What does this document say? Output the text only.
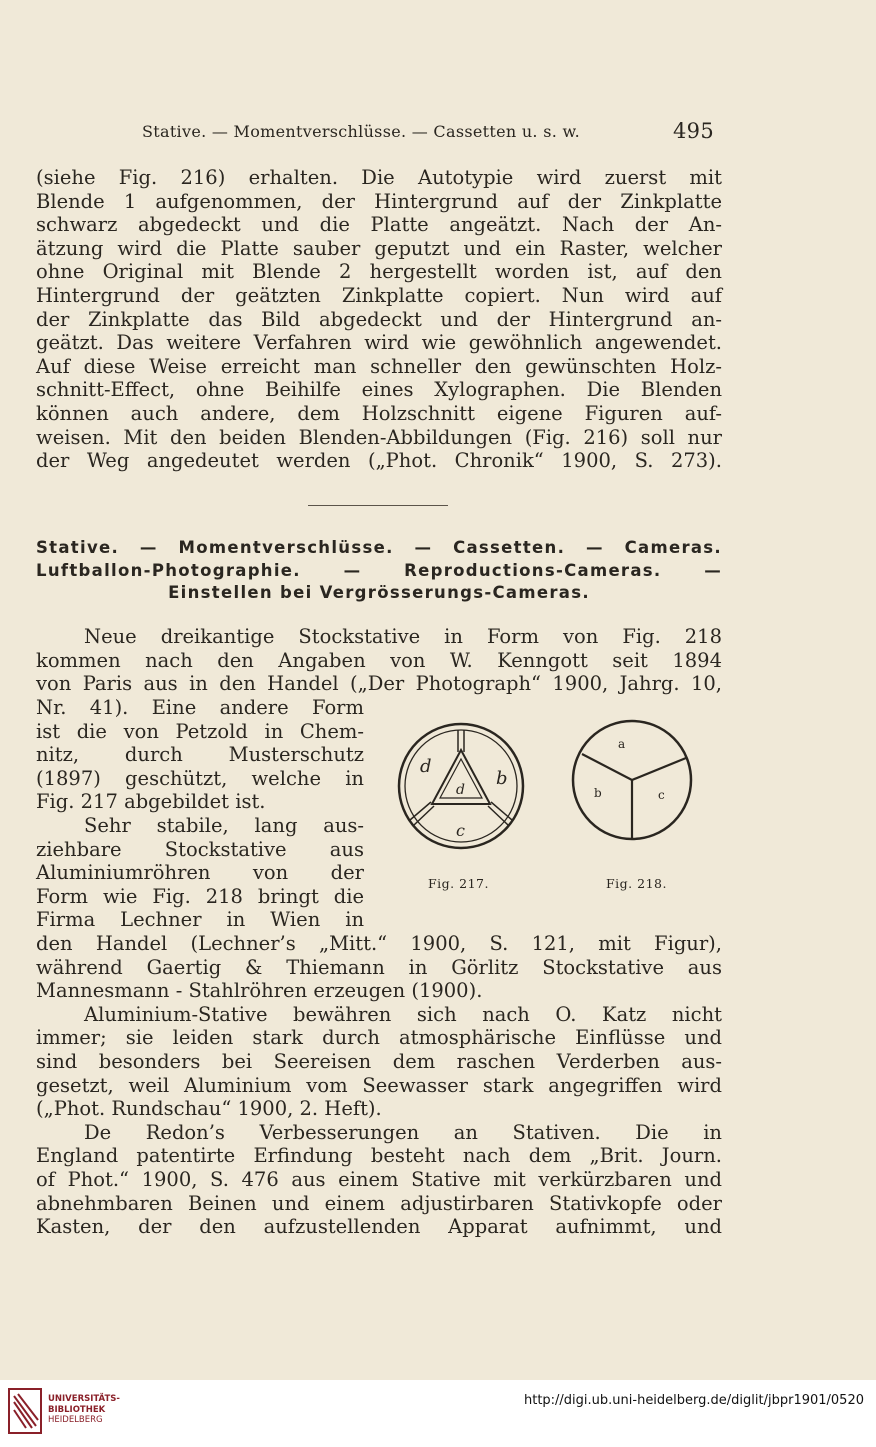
Stative. — Momentverschlüsse. — Cassetten u. s. w.	495
(siehe Fig. 216) erhalten. Die Autotypie wird zuerst mit
Blende 1 aufgenommen, der Hintergrund auf der Zinkplatte
schwarz abgedeckt und die Platte angeätzt. Nach der An-
ätzung wird die Platte sauber geputzt und ein Raster, welcher
ohne Original mit Blende 2 hergestellt worden ist, auf den
Hintergrund der geätzten Zinkplatte copiert. Nun wird auf
der Zinkplatte das Bild abgedeckt und der Hintergrund an-
geätzt. Das weitere Verfahren wird wie gewöhnlich angewendet.
Auf diese Weise erreicht man schneller den gewünschten Holz-
schnitt-Effect, ohne Beihilfe eines Xylographen. Die Blenden
können auch andere, dem Holzschnitt eigene Figuren auf-
weisen. Mit den beiden Blenden-Abbildungen (Fig. 216) soll nur
der Weg angedeutet werden („Phot. Chronik“ 1900, S. 273).
Stative. — Momentverschlüsse. — Cassetten. — Cameras.
Luftballon-Photographie. — Reproductions-Cameras. —
Einstellen bei Vergrösserungs-Cameras.
Neue dreikantige Stockstative in Form von Fig. 218
kommen nach den Angaben von W. Kenngott seit 1894
von Paris aus in den Handel („Der Photograph“ 1900, Jahrg. 10,
Nr. 41). Eine andere Form
ist die von Petzold in Chem-
nitz, durch Musterschutz
(1897) geschützt, welche in
Fig. 217 abgebildet ist.
Sehr stabile, lang aus-
ziehbare Stockstative aus
Aluminiumröhren von der
Form wie Fig. 218 bringt die
Firma Lechner in Wien in
d
d
b
c
a
b	c
Fig. 217.	Fig. 218.
den Handel (Lechner’s „Mitt.“ 1900, S. 121, mit Figur),
während Gaertig & Thiemann in Görlitz Stockstative aus
Mannesmann - Stahlröhren erzeugen (1900).
Aluminium-Stative bewähren sich nach O. Katz nicht
immer; sie leiden stark durch atmosphärische Einflüsse und
sind besonders bei Seereisen dem raschen Verderben aus-
gesetzt, weil Aluminium vom Seewasser stark angegriffen wird
(„Phot. Rundschau“ 1900, 2. Heft).
De Redon’s Verbesserungen an Stativen. Die in
England patentirte Erfindung besteht nach dem „Brit. Journ.
of Phot.“ 1900, S. 476 aus einem Stative mit verkürzbaren und
abnehmbaren Beinen und einem adjustirbaren Stativkopfe oder
Kasten, der den aufzustellenden Apparat aufnimmt, und
UNIVERSITÄTS-
BIBLIOTHEK
HEIDELBERG
http://digi.ub.uni-heidelberg.de/diglit/jbpr1901/0520
